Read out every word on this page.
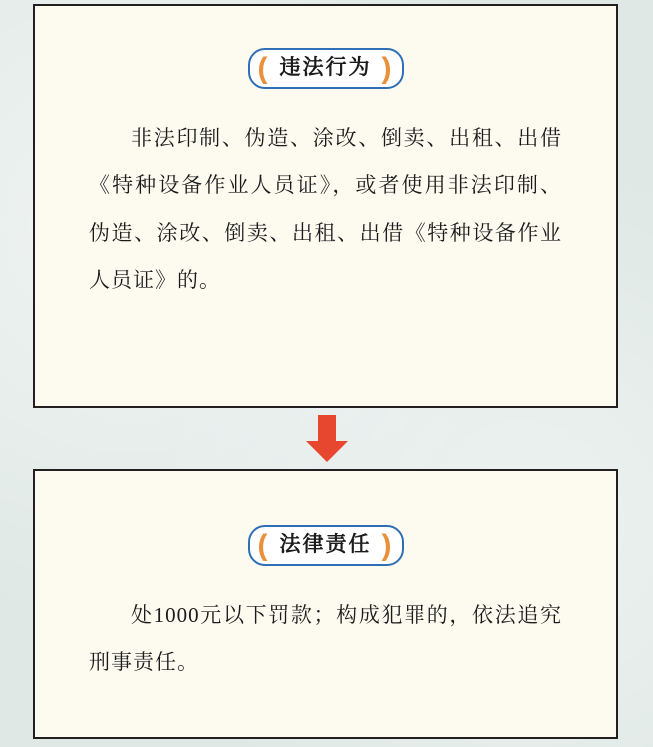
( 违法行为 )
非法印制、伪造、涂改、倒卖、出租、出借《特种设备作业人员证》，或者使用非法印制、伪造、涂改、倒卖、出租、出借《特种设备作业人员证》的。
( 法律责任 )
处1000元以下罚款；构成犯罪的，依法追究刑事责任。
